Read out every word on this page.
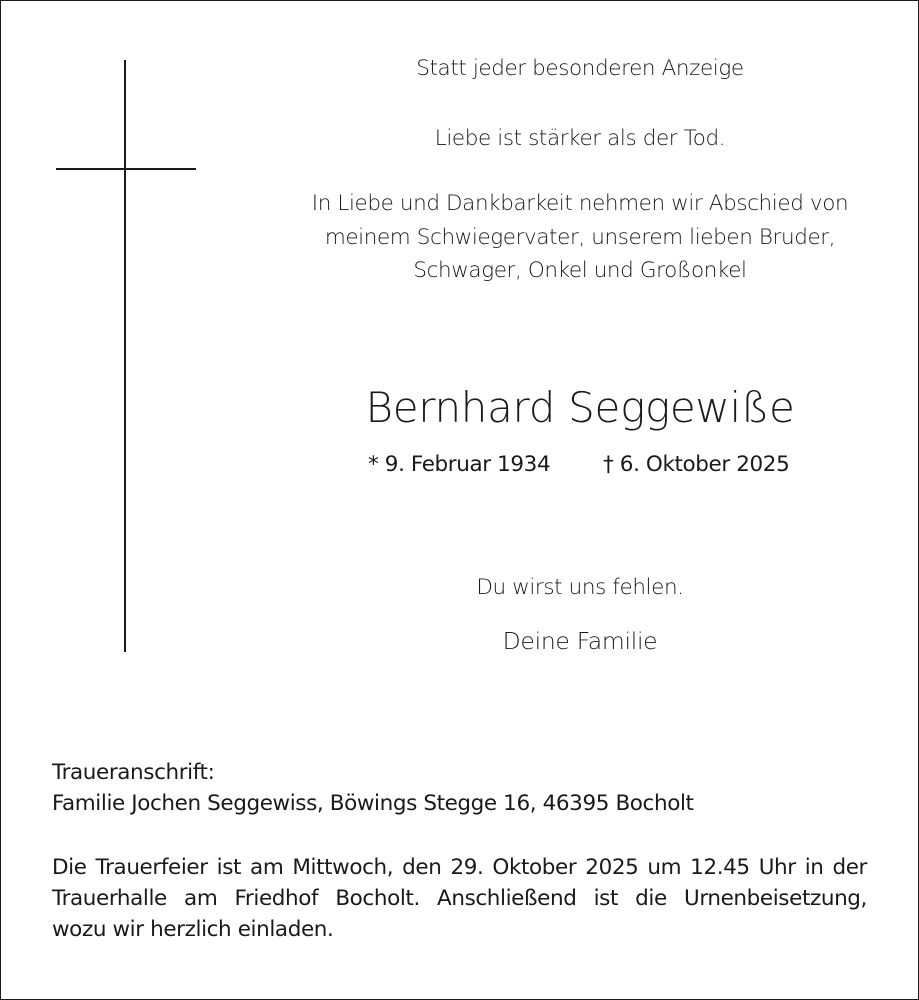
Statt jeder besonderen Anzeige
Liebe ist stärker als der Tod.
In Liebe und Dankbarkeit nehmen wir Abschied von
meinem Schwiegervater, unserem lieben Bruder,
Schwager, Onkel und Großonkel
Bernhard Seggewiße
Du wirst uns fehlen.
Deine Familie
* 9. Februar 1934 † 6. Oktober 2025
Traueranschrift:
Familie Jochen Seggewiss, Böwings Stegge 16, 46395 Bocholt
Die Trauerfeier ist am Mittwoch, den 29. Oktober 2025 um 12.45 Uhr in der
Trauerhalle am Friedhof Bocholt. Anschließend ist die Urnenbeisetzung,
wozu wir herzlich einladen.
